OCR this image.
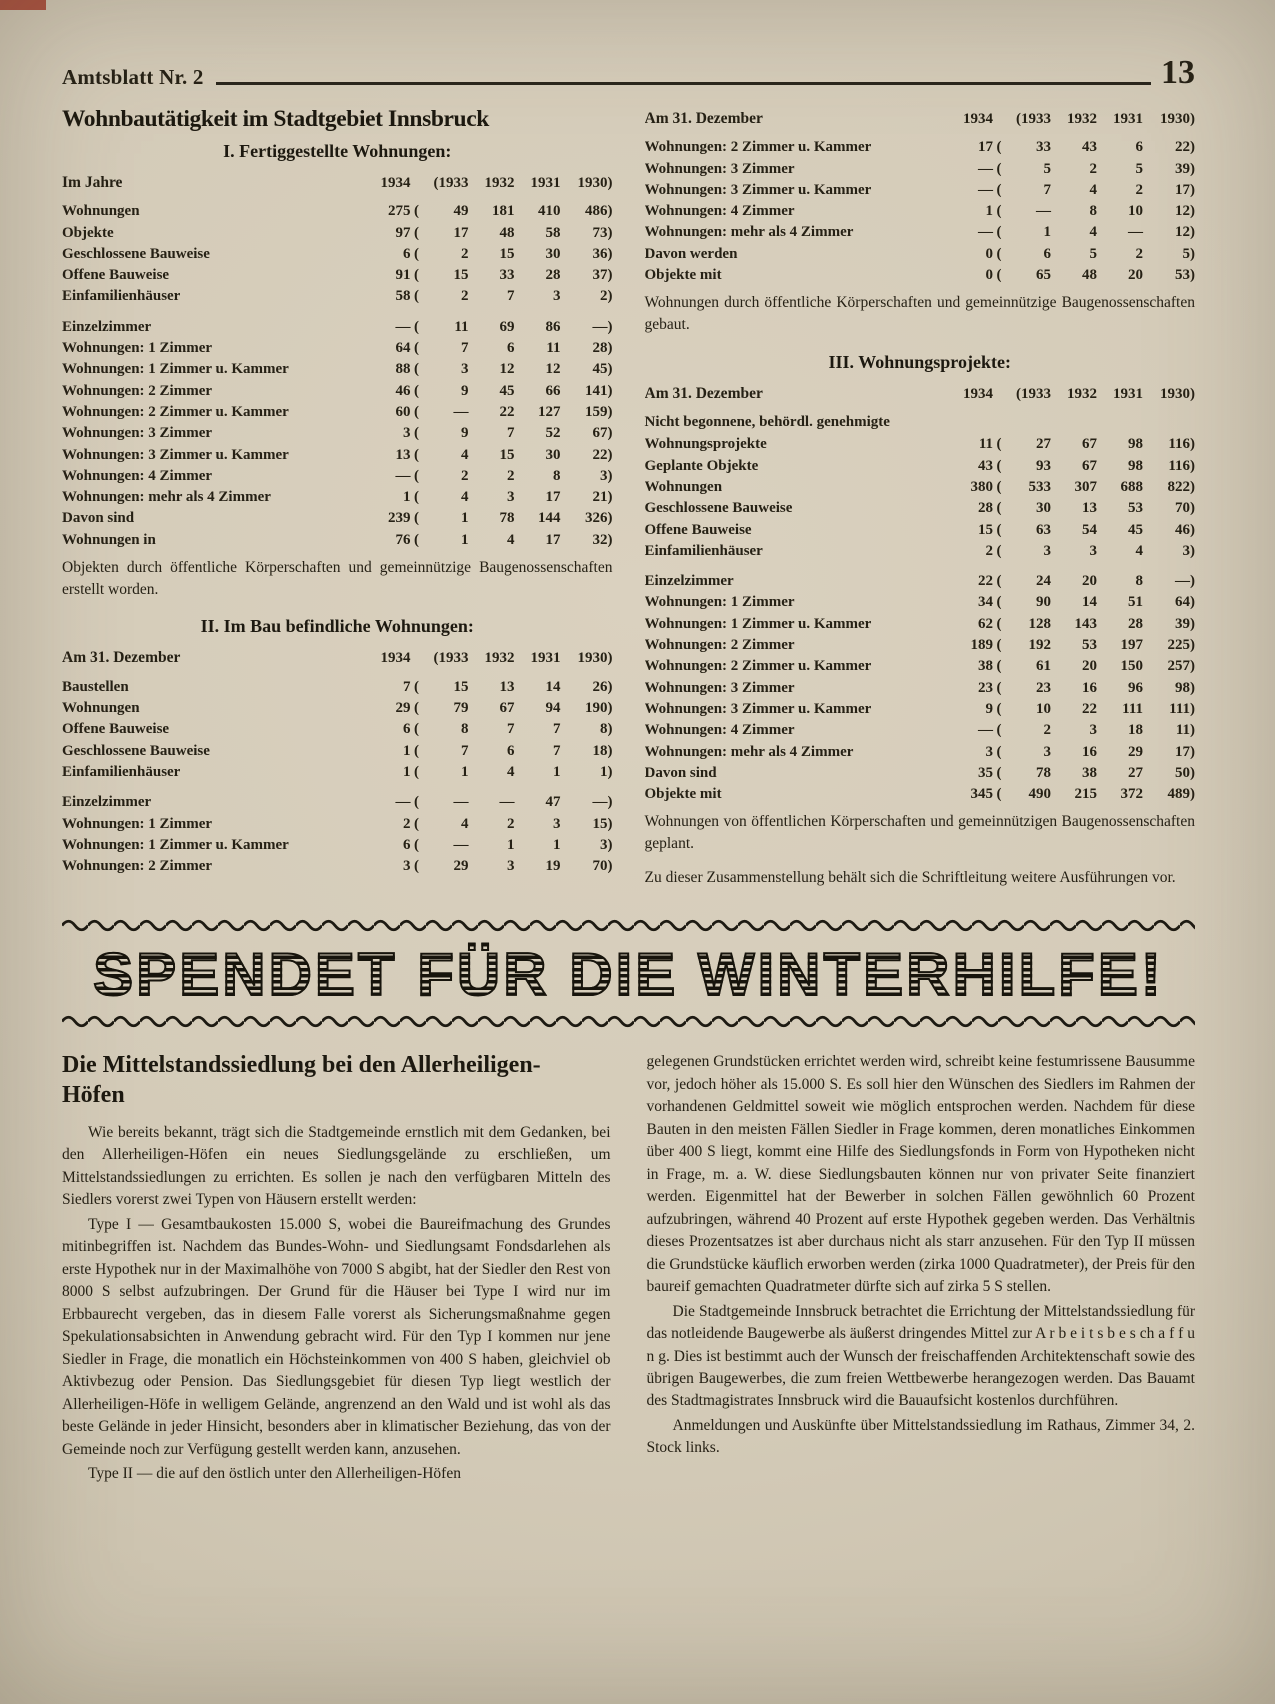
Amtsblatt Nr. 2	13
Wohnbautätigkeit im Stadtgebiet Innsbruck
I. Fertiggestellte Wohnungen:
Im Jahre	1934	(1933	1932	1931	1930)
Wohnungen	275 (	49	181	410	486)
Objekte	97 (	17	48	58	73)
Geschlossene Bauweise	6 (	2	15	30	36)
Offene Bauweise	91 (	15	33	28	37)
Einfamilienhäuser	58 (	2	7	3	2)
Einzelzimmer	— (	11	69	86	—)
Wohnungen: 1 Zimmer	64 (	7	6	11	28)
Wohnungen: 1 Zimmer u. Kammer	88 (	3	12	12	45)
Wohnungen: 2 Zimmer	46 (	9	45	66	141)
Wohnungen: 2 Zimmer u. Kammer	60 (	—	22	127	159)
Wohnungen: 3 Zimmer	3 (	9	7	52	67)
Wohnungen: 3 Zimmer u. Kammer	13 (	4	15	30	22)
Wohnungen: 4 Zimmer	— (	2	2	8	3)
Wohnungen: mehr als 4 Zimmer	1 (	4	3	17	21)
Davon sind	239 (	1	78	144	326)
Wohnungen in	76 (	1	4	17	32)

Objekten durch öffentliche Körperschaften und gemeinnützige Baugenossenschaften erstellt worden.

II. Im Bau befindliche Wohnungen:
Am 31. Dezember	1934	(1933	1932	1931	1930)
Baustellen	7 (	15	13	14	26)
Wohnungen	29 (	79	67	94	190)
Offene Bauweise	6 (	8	7	7	8)
Geschlossene Bauweise	1 (	7	6	7	18)
Einfamilienhäuser	1 (	1	4	1	1)
Einzelzimmer	— (	—	—	47	—)
Wohnungen: 1 Zimmer	2 (	4	2	3	15)
Wohnungen: 1 Zimmer u. Kammer	6 (	—	1	1	3)
Wohnungen: 2 Zimmer	3 (	29	3	19	70)
Am 31. Dezember	1934	(1933	1932	1931	1930)
Wohnungen: 2 Zimmer u. Kammer	17 (	33	43	6	22)
Wohnungen: 3 Zimmer	— (	5	2	5	39)
Wohnungen: 3 Zimmer u. Kammer	— (	7	4	2	17)
Wohnungen: 4 Zimmer	1 (	—	8	10	12)
Wohnungen: mehr als 4 Zimmer	— (	1	4	—	12)
Davon werden	0 (	6	5	2	5)
Objekte mit	0 (	65	48	20	53)

Wohnungen durch öffentliche Körperschaften und gemeinnützige Baugenossenschaften gebaut.

III. Wohnungsprojekte:
Am 31. Dezember	1934	(1933	1932	1931	1930)
Nicht begonnene, behördl. genehmigte
Wohnungsprojekte	11 (	27	67	98	116)
Geplante Objekte	43 (	93	67	98	116)
Wohnungen	380 (	533	307	688	822)
Geschlossene Bauweise	28 (	30	13	53	70)
Offene Bauweise	15 (	63	54	45	46)
Einfamilienhäuser	2 (	3	3	4	3)
Einzelzimmer	22 (	24	20	8	—)
Wohnungen: 1 Zimmer	34 (	90	14	51	64)
Wohnungen: 1 Zimmer u. Kammer	62 (	128	143	28	39)
Wohnungen: 2 Zimmer	189 (	192	53	197	225)
Wohnungen: 2 Zimmer u. Kammer	38 (	61	20	150	257)
Wohnungen: 3 Zimmer	23 (	23	16	96	98)
Wohnungen: 3 Zimmer u. Kammer	9 (	10	22	111	111)
Wohnungen: 4 Zimmer	— (	2	3	18	11)
Wohnungen: mehr als 4 Zimmer	3 (	3	16	29	17)
Davon sind	35 (	78	38	27	50)
Objekte mit	345 (	490	215	372	489)

Wohnungen von öffentlichen Körperschaften und gemeinnützigen Baugenossenschaften geplant.

Zu dieser Zusammenstellung behält sich die Schriftleitung weitere Ausführungen vor.

SPENDET FÜR DIE WINTERHILFE!
Die Mittelstandssiedlung bei den Allerheiligen-Höfen

Wie bereits bekannt, trägt sich die Stadtgemeinde ernstlich mit dem Gedanken, bei den Allerheiligen-Höfen ein neues Siedlungsgelände zu erschließen, um Mittelstandssiedlungen zu errichten. Es sollen je nach den verfügbaren Mitteln des Siedlers vorerst zwei Typen von Häusern erstellt werden:

Type I — Gesamtbaukosten 15.000 S, wobei die Baureifmachung des Grundes mitinbegriffen ist. Nachdem das Bundes-Wohn- und Siedlungsamt Fondsdarlehen als erste Hypothek nur in der Maximalhöhe von 7000 S abgibt, hat der Siedler den Rest von 8000 S selbst aufzubringen. Der Grund für die Häuser bei Type I wird nur im Erbbaurecht vergeben, das in diesem Falle vorerst als Sicherungsmaßnahme gegen Spekulationsabsichten in Anwendung gebracht wird. Für den Typ I kommen nur jene Siedler in Frage, die monatlich ein Höchsteinkommen von 400 S haben, gleichviel ob Aktivbezug oder Pension. Das Siedlungsgebiet für diesen Typ liegt westlich der Allerheiligen-Höfe in welligem Gelände, angrenzend an den Wald und ist wohl als das beste Gelände in jeder Hinsicht, besonders aber in klimatischer Beziehung, das von der Gemeinde noch zur Verfügung gestellt werden kann, anzusehen.

Type II — die auf den östlich unter den Allerheiligen-Höfen

gelegenen Grundstücken errichtet werden wird, schreibt keine festumrissene Bausumme vor, jedoch höher als 15.000 S. Es soll hier den Wünschen des Siedlers im Rahmen der vorhandenen Geldmittel soweit wie möglich entsprochen werden. Nachdem für diese Bauten in den meisten Fällen Siedler in Frage kommen, deren monatliches Einkommen über 400 S liegt, kommt eine Hilfe des Siedlungsfonds in Form von Hypotheken nicht in Frage, m. a. W. diese Siedlungsbauten können nur von privater Seite finanziert werden. Eigenmittel hat der Bewerber in solchen Fällen gewöhnlich 60 Prozent aufzubringen, während 40 Prozent auf erste Hypothek gegeben werden. Das Verhältnis dieses Prozentsatzes ist aber durchaus nicht als starr anzusehen. Für den Typ II müssen die Grundstücke käuflich erworben werden (zirka 1000 Quadratmeter), der Preis für den baureif gemachten Quadratmeter dürfte sich auf zirka 5 S stellen.

Die Stadtgemeinde Innsbruck betrachtet die Errichtung der Mittelstandssiedlung für das notleidende Baugewerbe als äußerst dringendes Mittel zur A r b e i t s b e s ch a f f u n g. Dies ist bestimmt auch der Wunsch der freischaffenden Architektenschaft sowie des übrigen Baugewerbes, die zum freien Wettbewerbe herangezogen werden. Das Bauamt des Stadtmagistrates Innsbruck wird die Bauaufsicht kostenlos durchführen.

Anmeldungen und Auskünfte über Mittelstandssiedlung im Rathaus, Zimmer 34, 2. Stock links.
